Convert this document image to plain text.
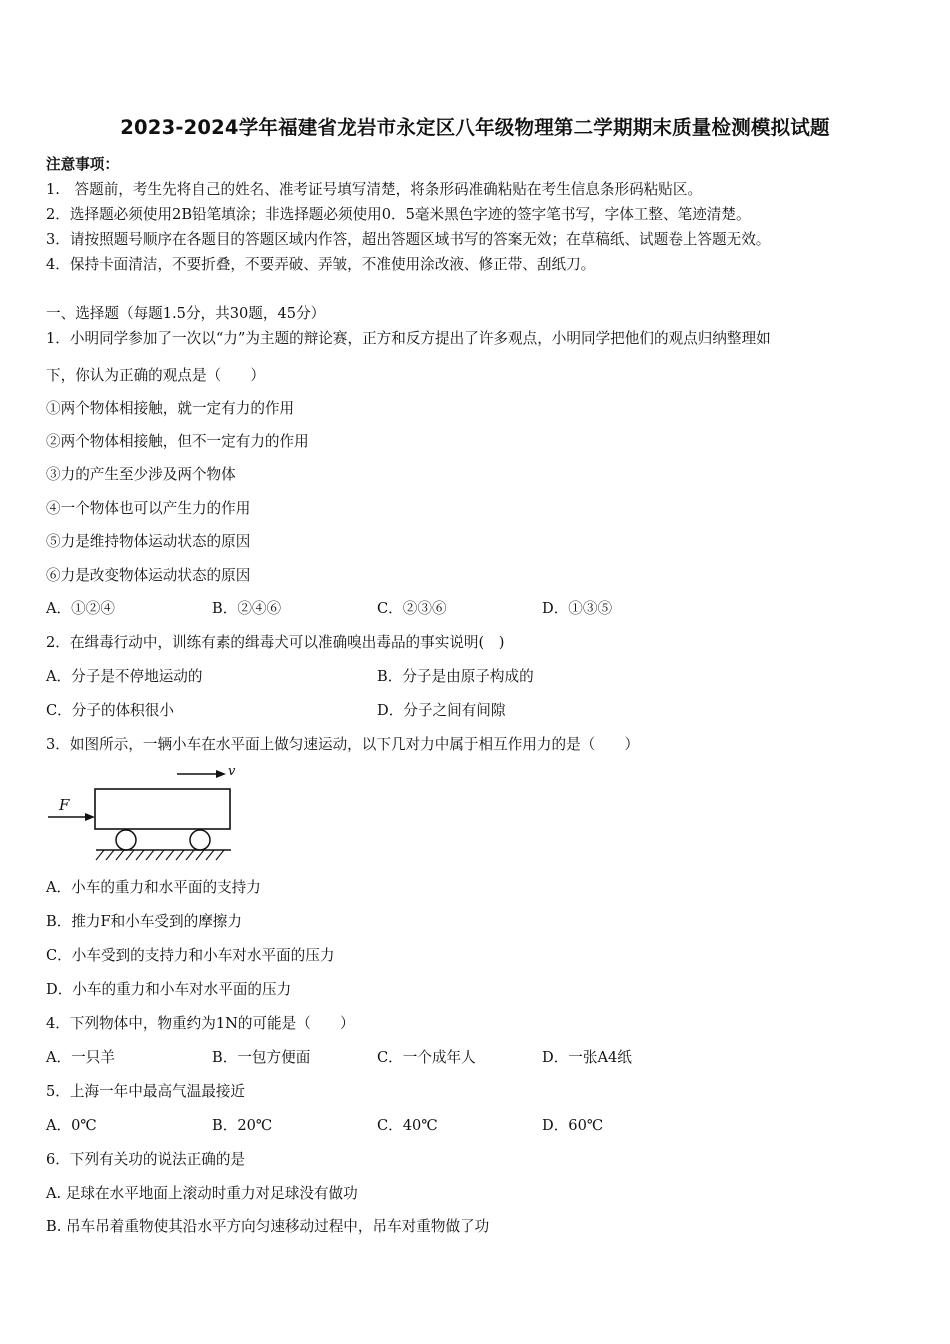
2023-2024学年福建省龙岩市永定区八年级物理第二学期期末质量检测模拟试题
注意事项：
1.　答题前，考生先将自己的姓名、准考证号填写清楚，将条形码准确粘贴在考生信息条形码粘贴区。
2．选择题必须使用2B铅笔填涂；非选择题必须使用0．5毫米黑色字迹的签字笔书写，字体工整、笔迹清楚。
3．请按照题号顺序在各题目的答题区域内作答，超出答题区域书写的答案无效；在草稿纸、试题卷上答题无效。
4．保持卡面清洁，不要折叠，不要弄破、弄皱，不准使用涂改液、修正带、刮纸刀。
一、选择题（每题1.5分，共30题，45分）
1．小明同学参加了一次以“力”为主题的辩论赛，正方和反方提出了许多观点，小明同学把他们的观点归纳整理如
下，你认为正确的观点是（　　）
①两个物体相接触，就一定有力的作用
②两个物体相接触，但不一定有力的作用
③力的产生至少涉及两个物体
④一个物体也可以产生力的作用
⑤力是维持物体运动状态的原因
⑥力是改变物体运动状态的原因
A．①②④	B．②④⑥	C．②③⑥	D．①③⑤
2．在缉毒行动中，训练有素的缉毒犬可以准确嗅出毒品的事实说明(　)
A．分子是不停地运动的	B．分子是由原子构成的
C．分子的体积很小	D．分子之间有间隙
3．如图所示，一辆小车在水平面上做匀速运动，以下几对力中属于相互作用力的是（　　）
v
F
A．小车的重力和水平面的支持力
B．推力F和小车受到的摩擦力
C．小车受到的支持力和小车对水平面的压力
D．小车的重力和小车对水平面的压力
4．下列物体中，物重约为1N的可能是（　　）
A．一只羊	B．一包方便面	C．一个成年人	D．一张A4纸
5．上海一年中最高气温最接近
A．0℃	B．20℃	C．40℃	D．60℃
6．下列有关功的说法正确的是
A. 足球在水平地面上滚动时重力对足球没有做功
B. 吊车吊着重物使其沿水平方向匀速移动过程中，吊车对重物做了功
